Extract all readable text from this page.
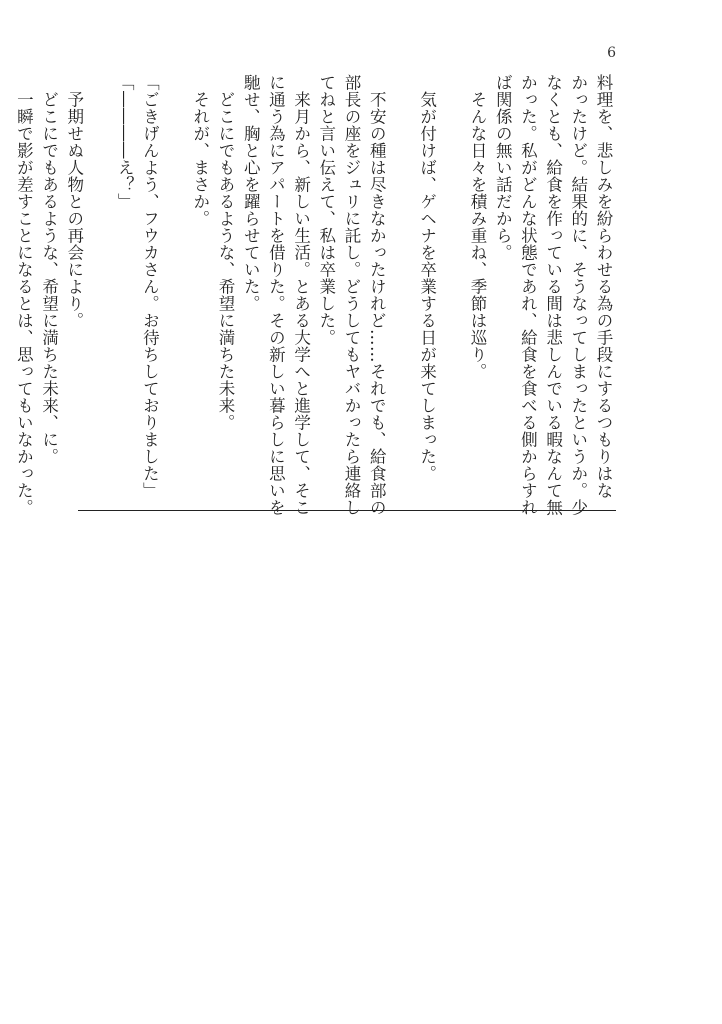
6
料理を、悲しみを紛らわせる為の手段にするつもりはな
かったけど。結果的に、そうなってしまったというか。少
なくとも、給食を作っている間は悲しんでいる暇なんて無
かった。私がどんな状態であれ、給食を食べる側からすれ
ば関係の無い話だから。
　そんな日々を積み重ね、季節は巡り。
　気が付けば、ゲヘナを卒業する日が来てしまった。
　不安の種は尽きなかったけれど……それでも、給食部の
部長の座をジュリに託し。どうしてもヤバかったら連絡し
てねと言い伝えて、私は卒業した。
　来月から、新しい生活。とある大学へと進学して、そこ
に通う為にアパートを借りた。その新しい暮らしに思いを
馳せ、胸と心を躍らせていた。
　どこにでもあるような、希望に満ちた未来。
　それが、まさか。
「ごきげんよう、フウカさん。お待ちしておりました」
「――――え？」
　予期せぬ人物との再会により。
　どこにでもあるような、希望に満ちた未来、に。
　一瞬で影が差すことになるとは、思ってもいなかった。
